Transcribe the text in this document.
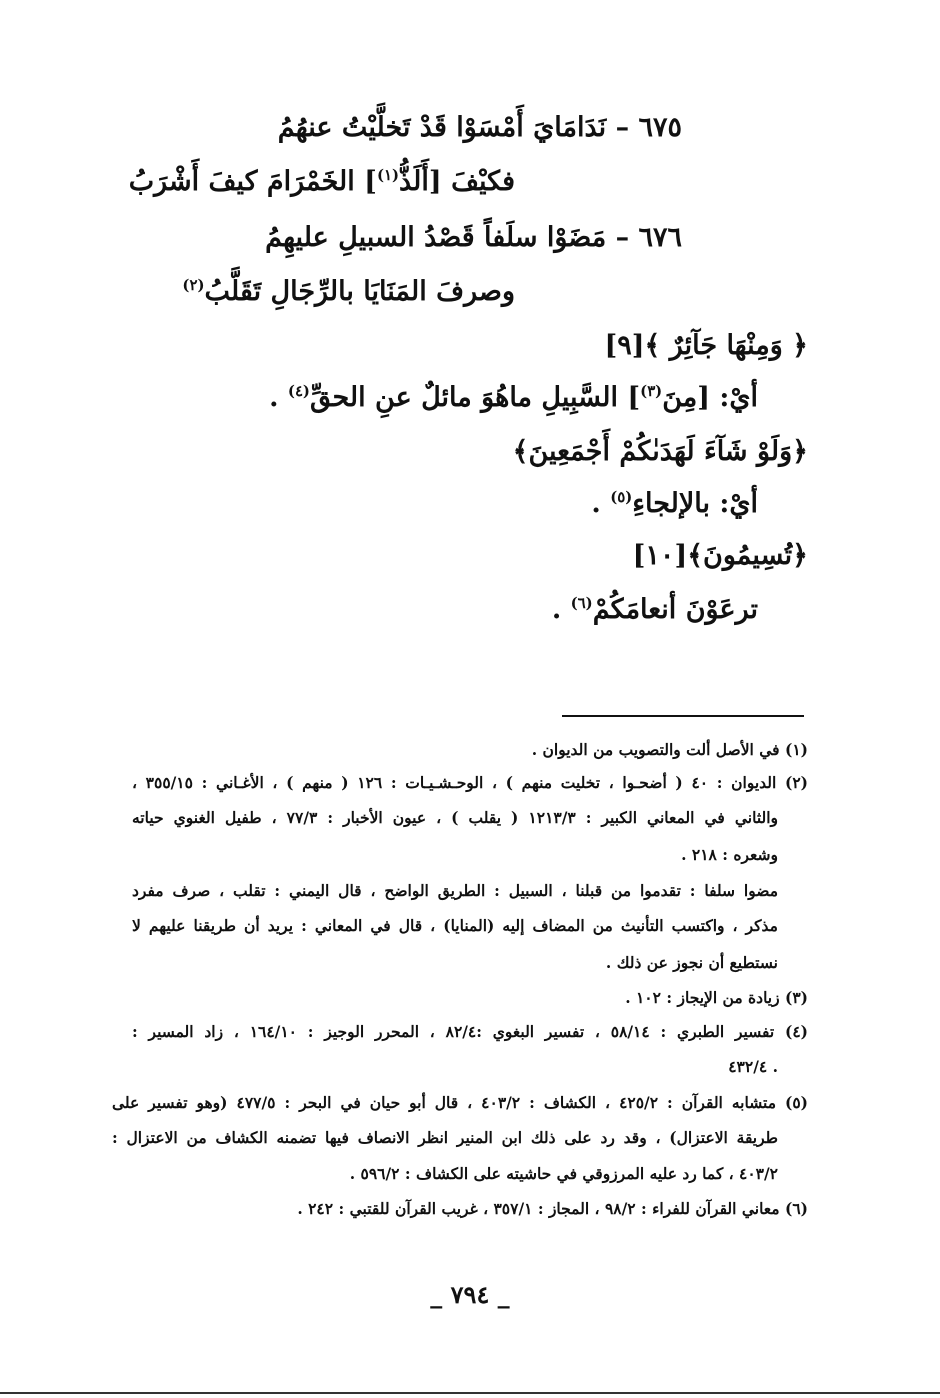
٦٧٥ – نَدَامَايَ أَمْسَوْا قَدْ تَخلَّيْتُ عنهُمُ
فكيْفَ [أَلَذُّ$^{(١)}$] الخَمْرَامَ كيفَ أَشْرَبُ
٦٧٦ – مَضَوْا سلَفاً قَصْدُ السبيلِ عليهِمُ
وصرفَ المَنَايَا بالرِّجَالِ تَقَلَّبُ$^{(٢)}$
﴿ وَمِنْهَا جَآئِرٌ ﴾[٩]
أيْ: [مِنَ$^{(٣)}$] السَّبِيلِ ماهُوَ مائلٌ عنِ الحقِّ$^{(٤)}$ .
﴿وَلَوْ شَآءَ لَهَدَىٰكُمْ أَجْمَعِينَ﴾
أيْ: بالإلجاءِ$^{(٥)}$ .
﴿تُسِيمُونَ﴾[١٠]
ترعَوْنَ أنعامَكُمْ$^{(٦)}$ .
(١) في الأصل ألت والتصويب من الديوان .
(٢) الديوان : ٤٠ ( أضحـوا ، تخليت منهم ) ، الوحـشـيـات : ١٢٦ ( منهم ) ، الأغـاني : ٣٥٥/١٥ ،
والثاني في المعاني الكبير : ١٢١٣/٣ ( يقلب ) ، عيون الأخبار : ٧٧/٣ ، طفيل الغنوي حياته
وشعره : ٢١٨ .
مضوا سلفا : تقدموا من قبلنا ، السبيل : الطريق الواضح ، قال اليمني : تقلب ، صرف مفرد
مذكر ، واكتسب التأنيث من المضاف إليه (المنايا) ، قال في المعاني : يريد أن طريقنا عليهم لا
نستطيع أن نجوز عن ذلك .
(٣) زيادة من الإيجاز : ١٠٢ .
(٤) تفسير الطبري : ٥٨/١٤ ، تفسير البغوي :٨٢/٤ ، المحرر الوجيز : ١٦٤/١٠ ، زاد المسير :
٤٣٢/٤ .
(٥) متشابه القرآن : ٤٢٥/٢ ، الكشاف : ٤٠٣/٢ ، قال أبو حيان في البحر : ٤٧٧/٥ (وهو تفسير على
طريقة الاعتزال) ، وقد رد على ذلك ابن المنير انظر الانصاف فيها تضمنه الكشاف من الاعتزال :
٤٠٣/٢ ، كما رد عليه المرزوقي في حاشيته على الكشاف : ٥٩٦/٢ .
(٦) معاني القرآن للفراء : ٩٨/٢ ، المجاز : ٣٥٧/١ ، غريب القرآن للقتبي : ٢٤٢ .
_ ٧٩٤ _
